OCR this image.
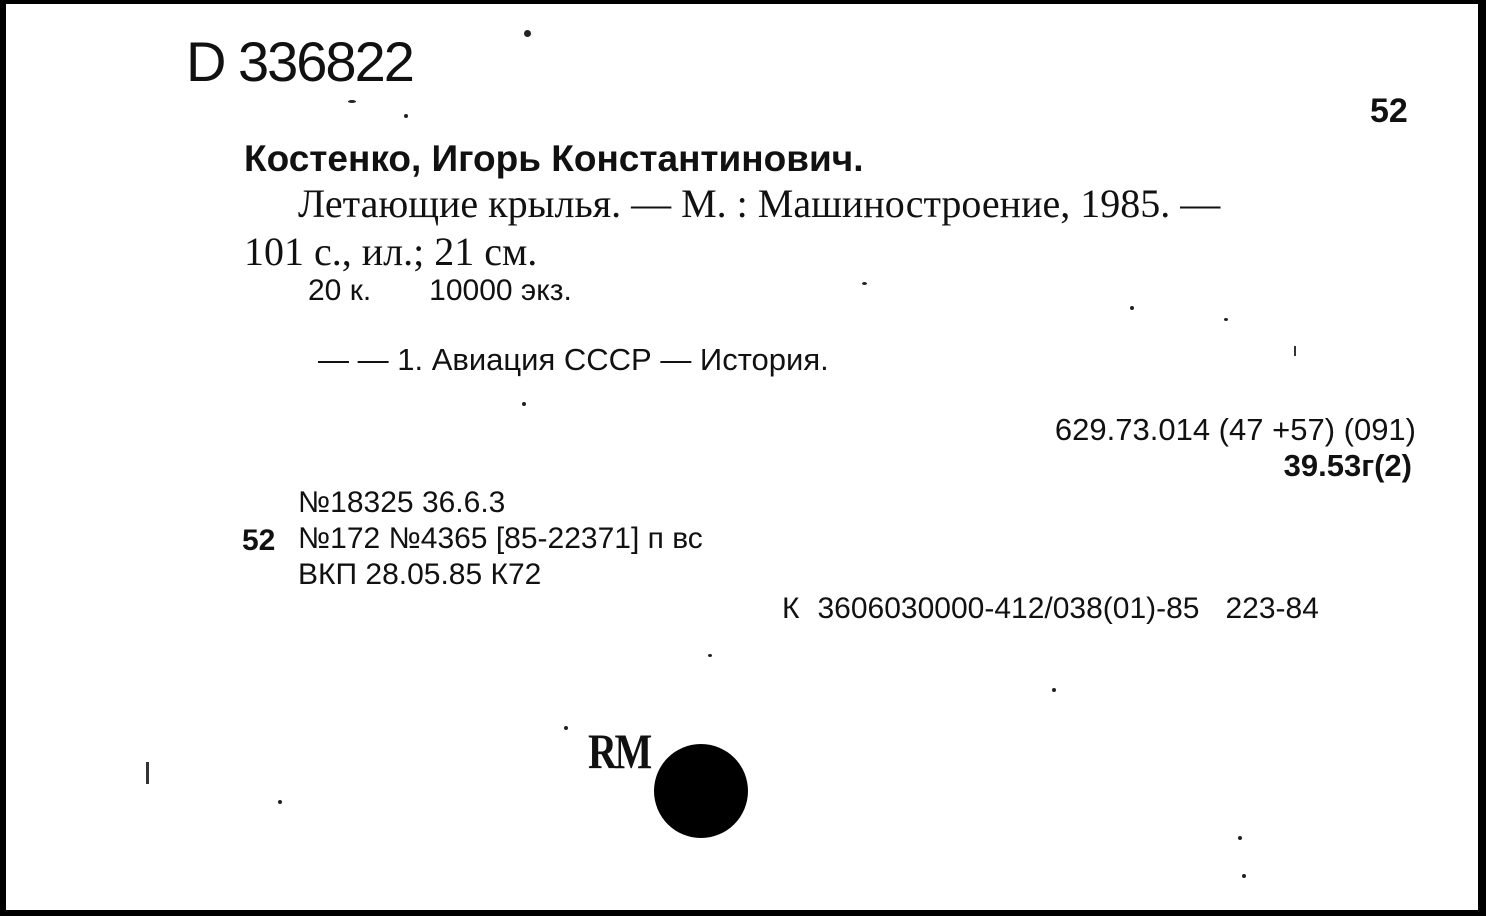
D 336822
52
Костенко, Игорь Константинович.
Летающие крылья. — М. : Машиностроение, 1985. —
101 с., ил.; 21 см.
20 к. 10000 экз.
— — 1. Авиация СССР — История.
629.73.014 (47 +57) (091)
39.53г(2)
52
№18325 36.6.3
№172 №4365 [85-22371] п вс
ВКП 28.05.85 К72
К 3606030000-412/038(01)-85 223-84
RM
